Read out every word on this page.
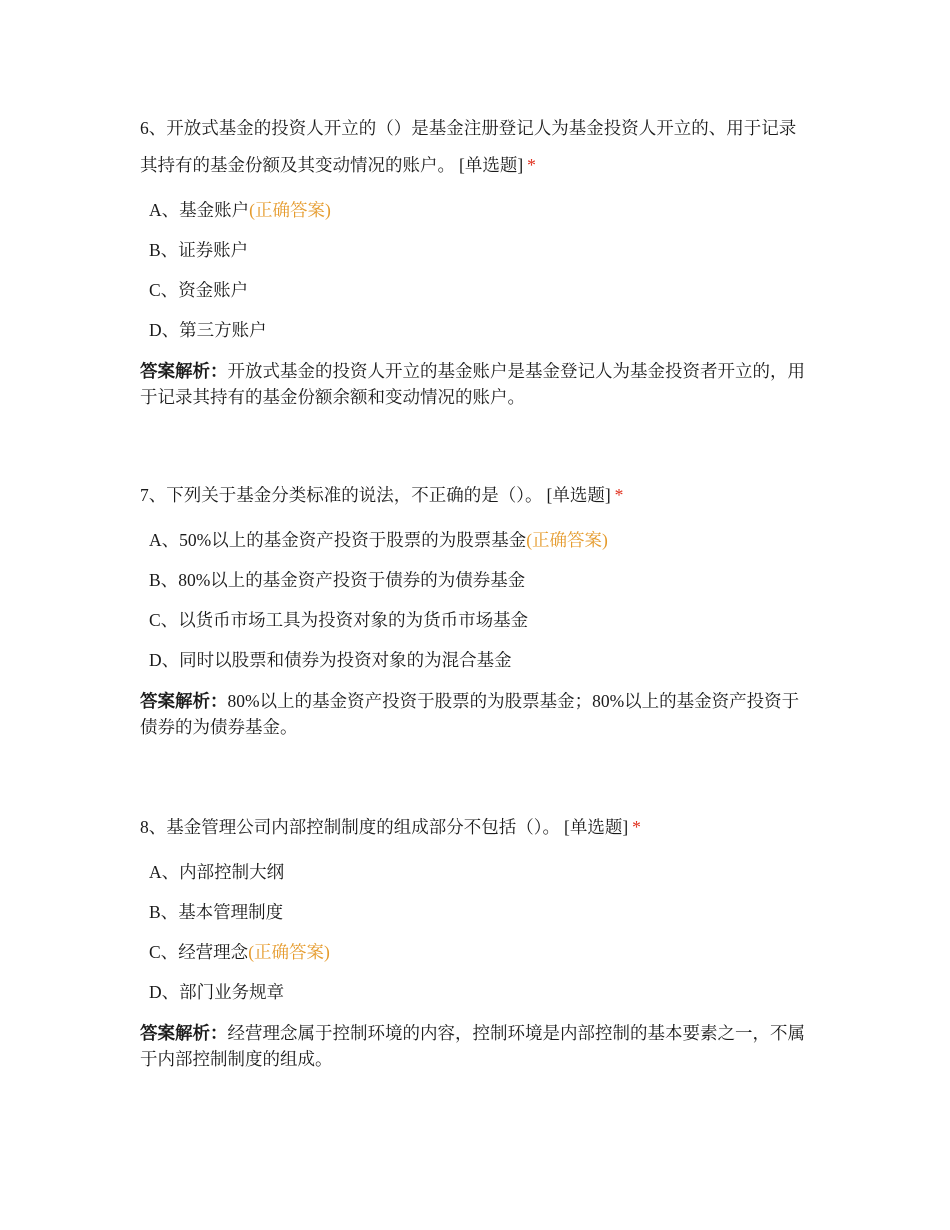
6、开放式基金的投资人开立的（）是基金注册登记人为基金投资人开立的、用于记录其持有的基金份额及其变动情况的账户。 [单选题] *

A、基金账户(正确答案)
B、证券账户
C、资金账户
D、第三方账户

答案解析：开放式基金的投资人开立的基金账户是基金登记人为基金投资者开立的，用于记录其持有的基金份额余额和变动情况的账户。

7、下列关于基金分类标准的说法，不正确的是（）。 [单选题] *

A、50%以上的基金资产投资于股票的为股票基金(正确答案)
B、80%以上的基金资产投资于债券的为债券基金
C、以货币市场工具为投资对象的为货币市场基金
D、同时以股票和债券为投资对象的为混合基金

答案解析：80%以上的基金资产投资于股票的为股票基金；80%以上的基金资产投资于债券的为债券基金。

8、基金管理公司内部控制制度的组成部分不包括（）。 [单选题] *

A、内部控制大纲
B、基本管理制度
C、经营理念(正确答案)
D、部门业务规章

答案解析：经营理念属于控制环境的内容，控制环境是内部控制的基本要素之一，不属于内部控制制度的组成。
